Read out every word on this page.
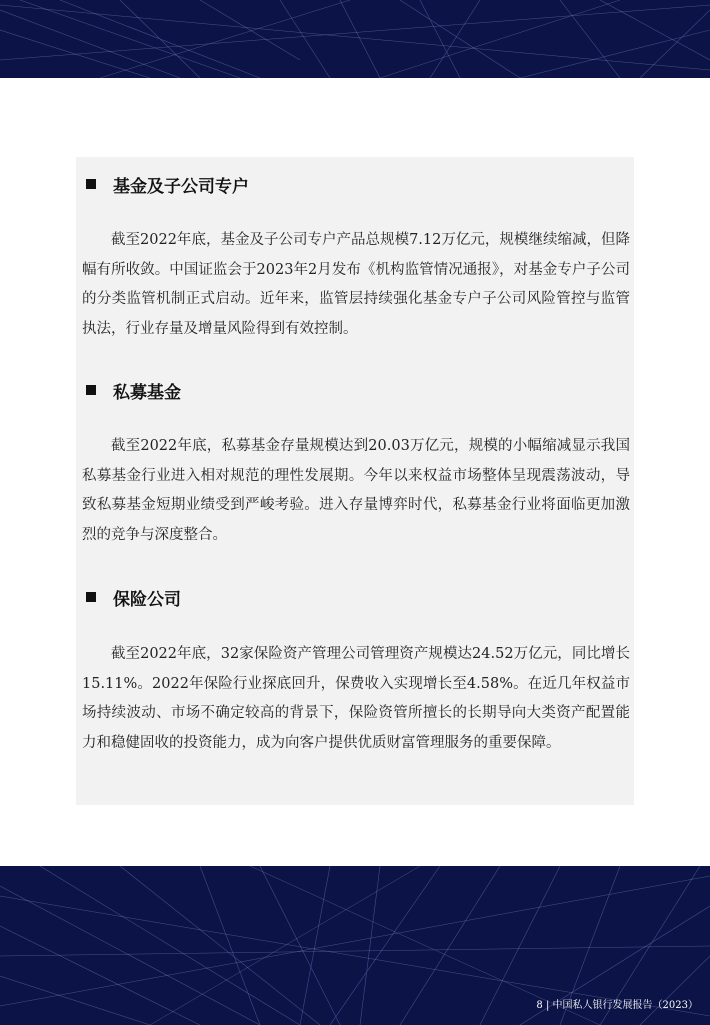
基金及子公司专户

截至2022年底，基金及子公司专户产品总规模7.12万亿元，规模继续缩减，但降幅有所收敛。中国证监会于2023年2月发布《机构监管情况通报》，对基金专户子公司的分类监管机制正式启动。近年来，监管层持续强化基金专户子公司风险管控与监管执法，行业存量及增量风险得到有效控制。

私募基金

截至2022年底，私募基金存量规模达到20.03万亿元，规模的小幅缩减显示我国私募基金行业进入相对规范的理性发展期。今年以来权益市场整体呈现震荡波动，导致私募基金短期业绩受到严峻考验。进入存量博弈时代，私募基金行业将面临更加激烈的竞争与深度整合。

保险公司

截至2022年底，32家保险资产管理公司管理资产规模达24.52万亿元，同比增长15.11%。2022年保险行业探底回升，保费收入实现增长至4.58%。在近几年权益市场持续波动、市场不确定较高的背景下，保险资管所擅长的长期导向大类资产配置能力和稳健固收的投资能力，成为向客户提供优质财富管理服务的重要保障。

8 | 中国私人银行发展报告（2023）
